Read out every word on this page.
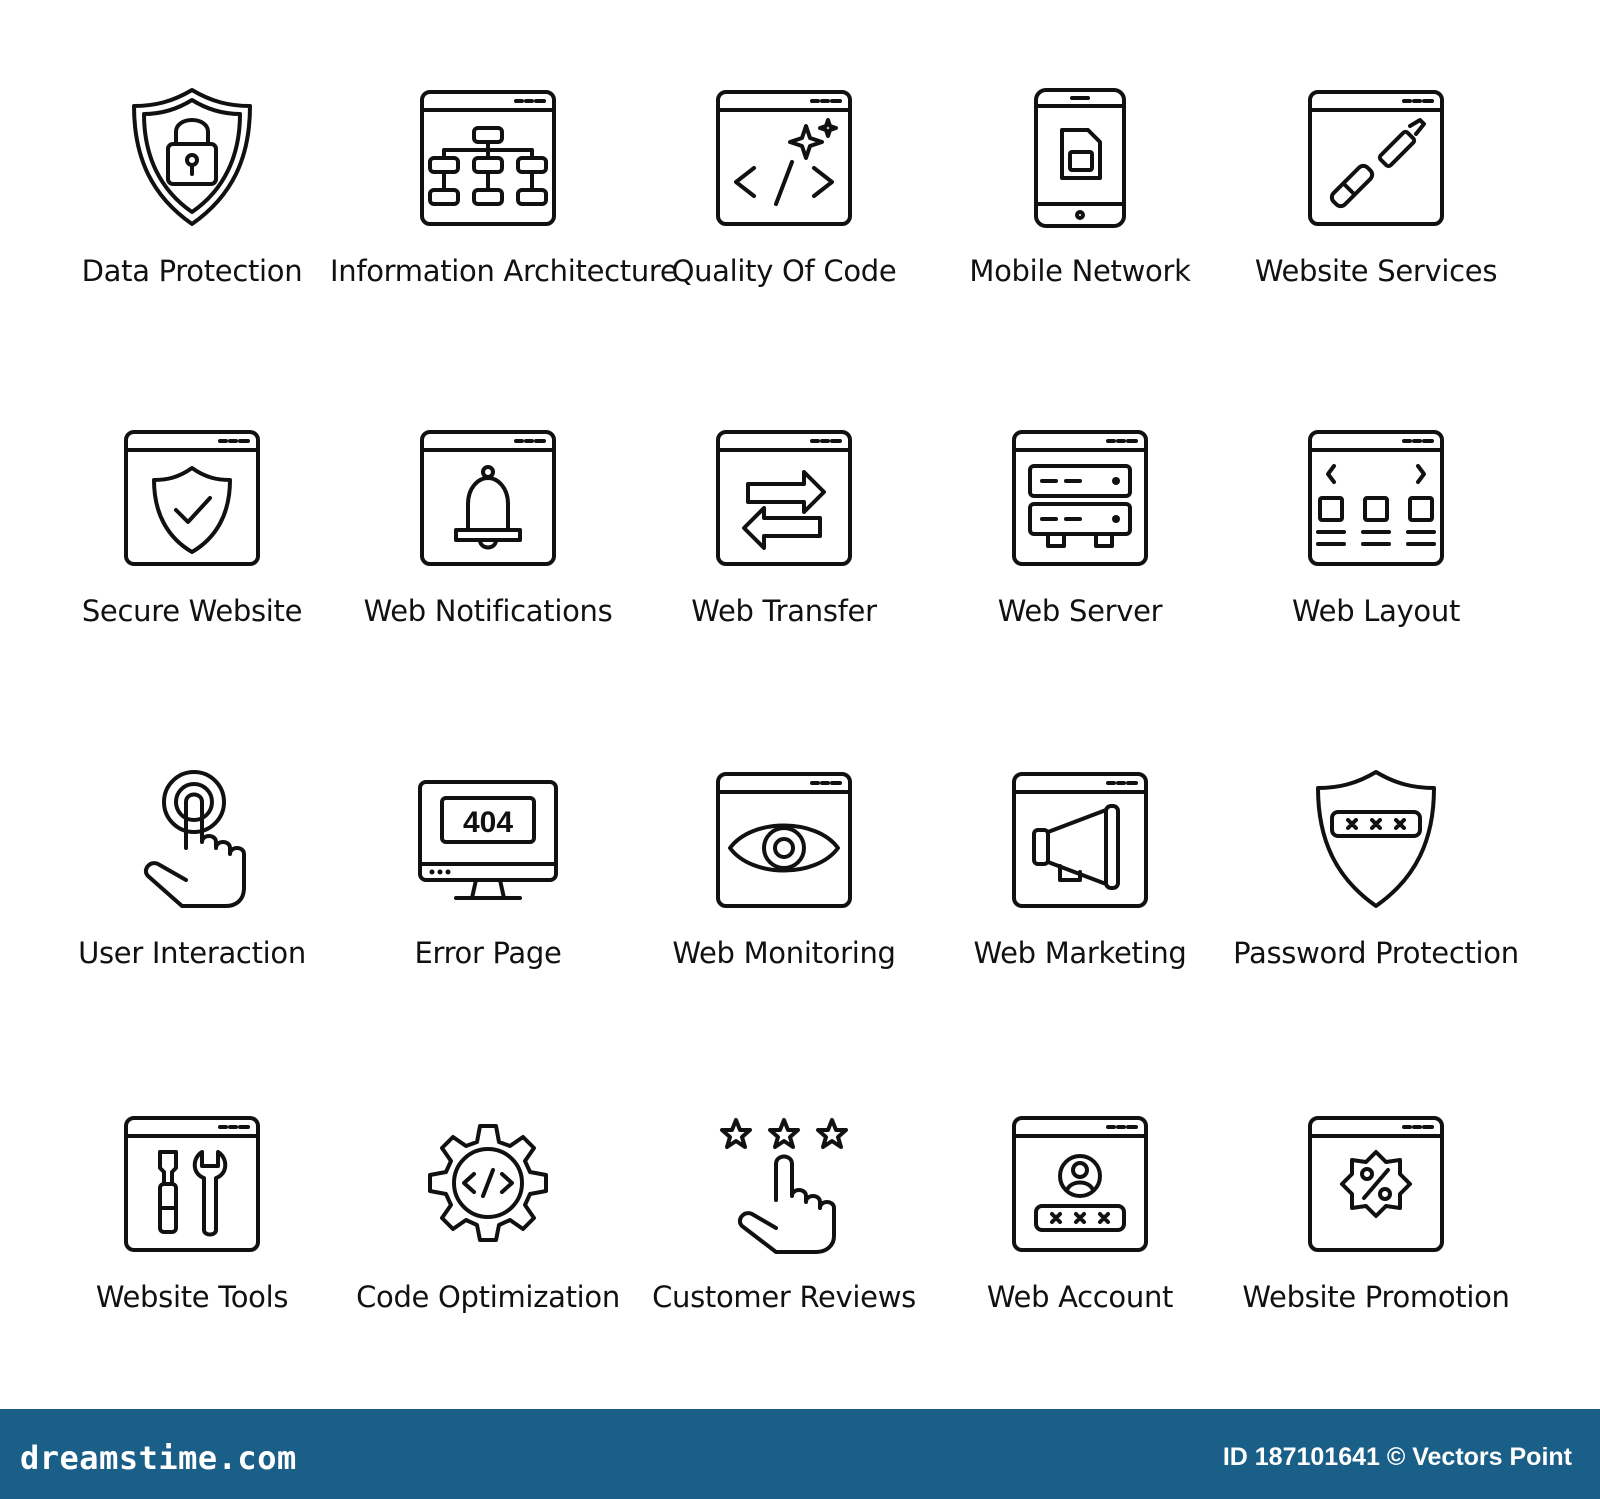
Data Protection Information Architecture
Quality Of Code	Mobile Network	Website Services
Secure Website	Web Notifications	Web Transfer	Web Server	Web Layout
User Interaction
404
Error Page	Web Monitoring	Web Marketing	Password Protection
Website Tools	Code Optimization	Customer Reviews	Web Account	Website Promotion
dreamstime.com	ID 187101641 © Vectors Point
